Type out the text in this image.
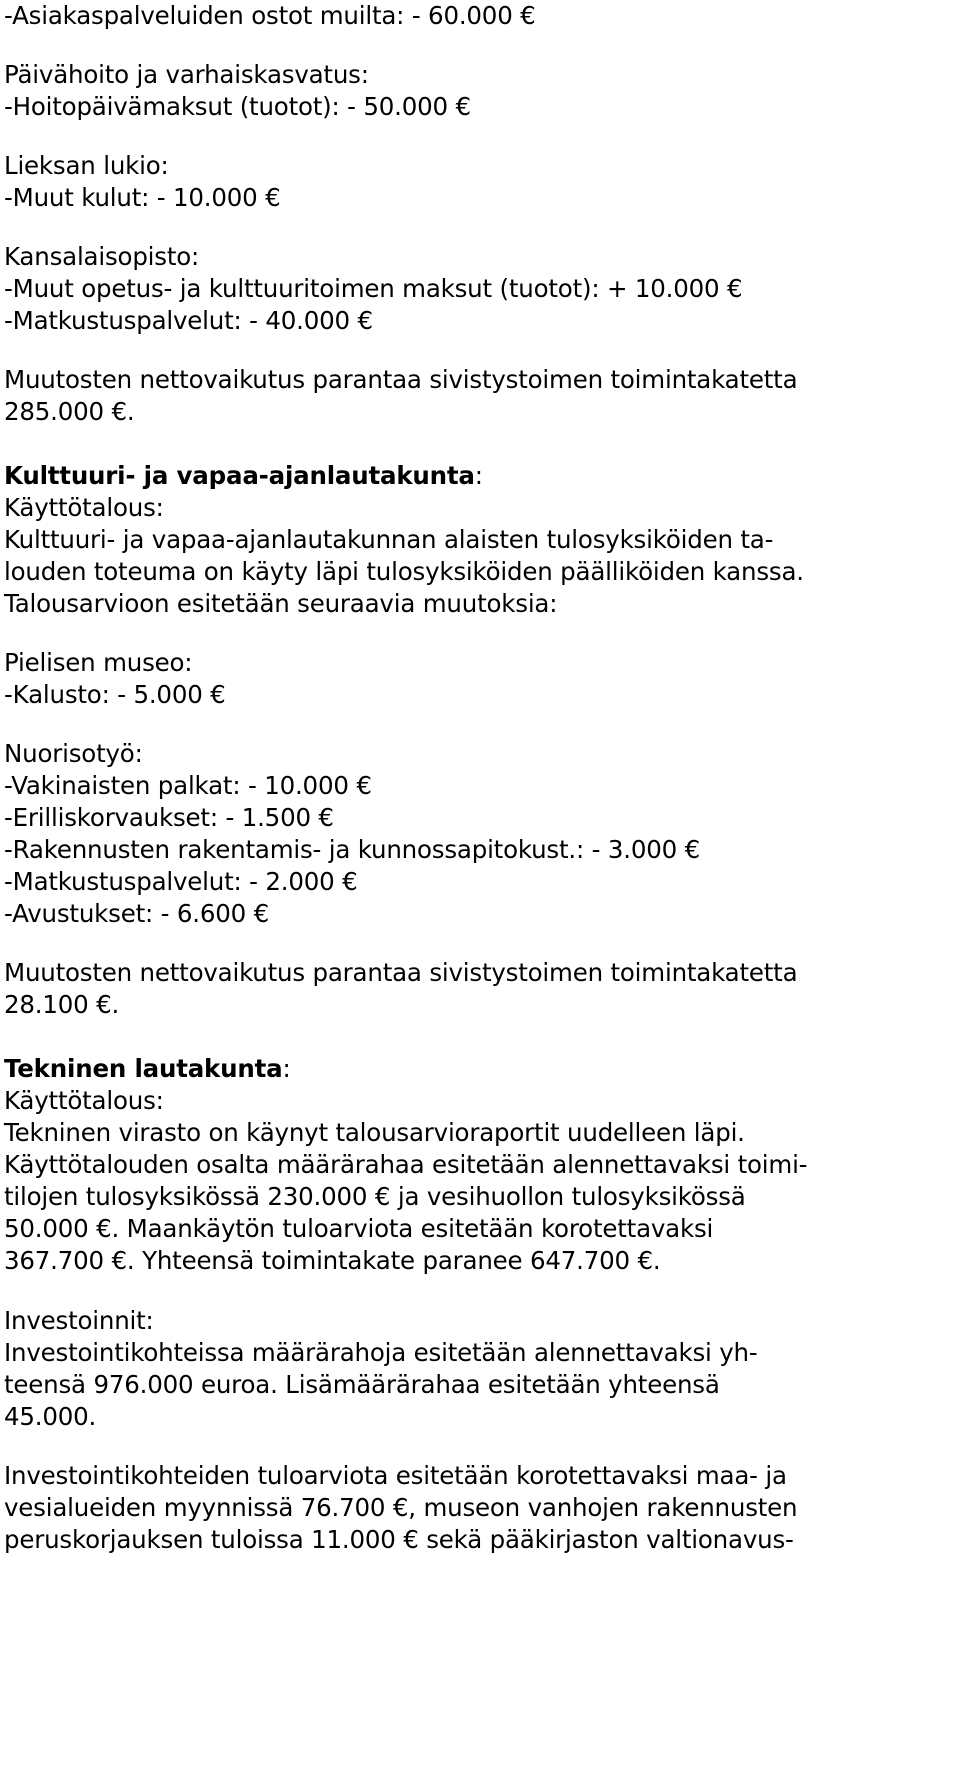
-Asiakaspalveluiden ostot muilta: - 60.000 €
Päivähoito ja varhaiskasvatus:
-Hoitopäivämaksut (tuotot): - 50.000 €
Lieksan lukio:
-Muut kulut: - 10.000 €
Kansalaisopisto:
-Muut opetus- ja kulttuuritoimen maksut (tuotot): + 10.000 €
-Matkustuspalvelut: - 40.000 €
Muutosten nettovaikutus parantaa sivistystoimen toimintakatetta
285.000 €.
Kulttuuri- ja vapaa-ajanlautakunta:
Käyttötalous:
Kulttuuri- ja vapaa-ajanlautakunnan alaisten tulosyksiköiden ta-
louden toteuma on käyty läpi tulosyksiköiden päälliköiden kanssa.
Talousarvioon esitetään seuraavia muutoksia:
Pielisen museo:
-Kalusto: - 5.000 €
Nuorisotyö:
-Vakinaisten palkat: - 10.000 €
-Erilliskorvaukset: - 1.500 €
-Rakennusten rakentamis- ja kunnossapitokust.: - 3.000 €
-Matkustuspalvelut: - 2.000 €
-Avustukset: - 6.600 €
Muutosten nettovaikutus parantaa sivistystoimen toimintakatetta
28.100 €.
Tekninen lautakunta:
Käyttötalous:
Tekninen virasto on käynyt talousarvioraportit uudelleen läpi.
Käyttötalouden osalta määrärahaa esitetään alennettavaksi toimi-
tilojen tulosyksikössä 230.000 € ja vesihuollon tulosyksikössä
50.000 €. Maankäytön tuloarviota esitetään korotettavaksi
367.700 €. Yhteensä toimintakate paranee 647.700 €.
Investoinnit:
Investointikohteissa määrärahoja esitetään alennettavaksi yh-
teensä 976.000 euroa. Lisämäärärahaa esitetään yhteensä
45.000.
Investointikohteiden tuloarviota esitetään korotettavaksi maa- ja
vesialueiden myynnissä 76.700 €, museon vanhojen rakennusten
peruskorjauksen tuloissa 11.000 € sekä pääkirjaston valtionavus-
